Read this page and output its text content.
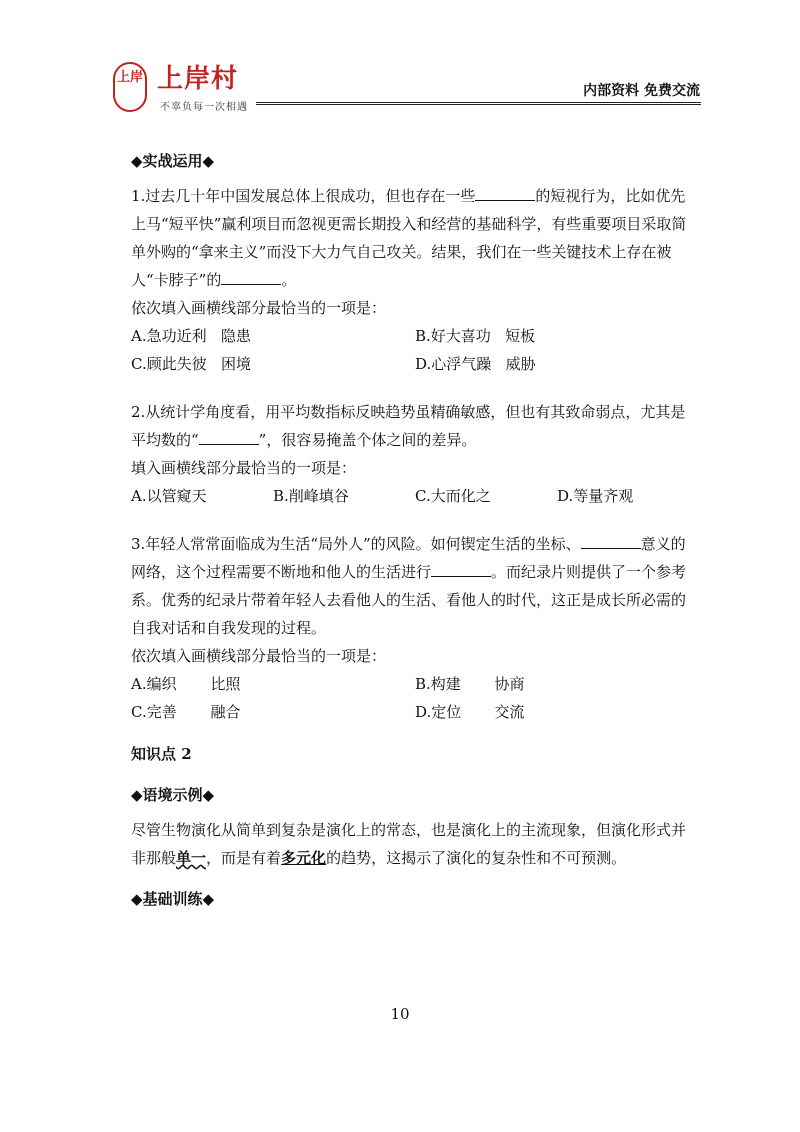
上岸 上岸村
不辜负每一次相遇
内部资料 免费交流

◆实战运用◆

1.过去几十年中国发展总体上很成功，但也存在一些	的短视行为，比如优先上马“短平快”赢利项目而忽视更需长期投入和经营的基础科学，有些重要项目采取简单外购的“拿来主义”而没下大力气自己攻关。结果，我们在一些关键技术上存在被人“卡脖子”的	。

依次填入画横线部分最恰当的一项是：

A.急功近利 隐患	B.好大喜功 短板
C.顾此失彼 困境	D.心浮气躁 威胁

2.从统计学角度看，用平均数指标反映趋势虽精确敏感，但也有其致命弱点，尤其是平均数的“	”，很容易掩盖个体之间的差异。

填入画横线部分最恰当的一项是：

A.以管窥天	B.削峰填谷	C.大而化之	D.等量齐观

3.年轻人常常面临成为生活“局外人”的风险。如何锲定生活的坐标、	意义的网络，这个过程需要不断地和他人的生活进行	。而纪录片则提供了一个参考系。优秀的纪录片带着年轻人去看他人的生活、看他人的时代，这正是成长所必需的自我对话和自我发现的过程。

依次填入画横线部分最恰当的一项是：

A.编织 比照	B.构建 协商
C.完善 融合	D.定位 交流

知识点 2

◆语境示例◆

尽管生物演化从简单到复杂是演化上的常态，也是演化上的主流现象，但演化形式并非那般单一，而是有着多元化的趋势，这揭示了演化的复杂性和不可预测。

◆基础训练◆

10
